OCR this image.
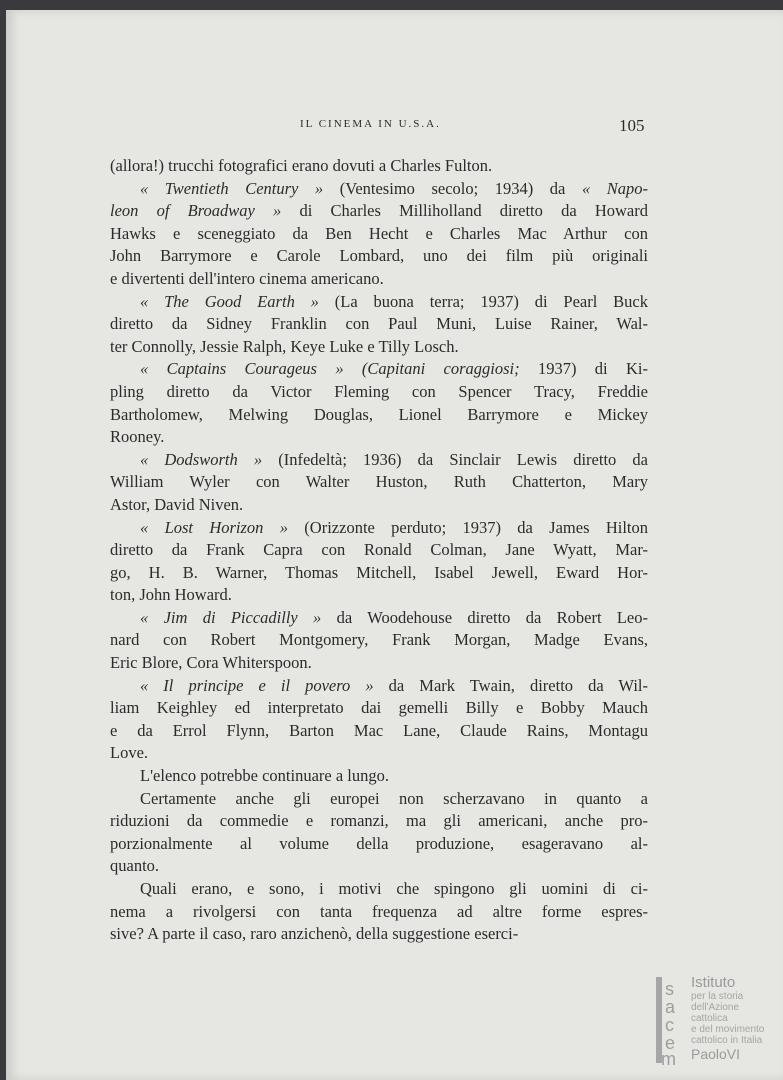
IL CINEMA IN U.S.A.	105
(allora!) trucchi fotografici erano dovuti a Charles Fulton.
« Twentieth Century » (Ventesimo secolo; 1934) da « Napo-
leon of Broadway » di Charles Milliholland diretto da Howard
Hawks e sceneggiato da Ben Hecht e Charles Mac Arthur con
John Barrymore e Carole Lombard, uno dei film più originali
e divertenti dell'intero cinema americano.
« The Good Earth » (La buona terra; 1937) di Pearl Buck
diretto da Sidney Franklin con Paul Muni, Luise Rainer, Wal-
ter Connolly, Jessie Ralph, Keye Luke e Tilly Losch.
« Captains Courageus » (Capitani coraggiosi; 1937) di Ki-
pling diretto da Victor Fleming con Spencer Tracy, Freddie
Bartholomew, Melwing Douglas, Lionel Barrymore e Mickey
Rooney.
« Dodsworth » (Infedeltà; 1936) da Sinclair Lewis diretto da
William Wyler con Walter Huston, Ruth Chatterton, Mary
Astor, David Niven.
« Lost Horizon » (Orizzonte perduto; 1937) da James Hilton
diretto da Frank Capra con Ronald Colman, Jane Wyatt, Mar-
go, H. B. Warner, Thomas Mitchell, Isabel Jewell, Eward Hor-
ton, John Howard.
« Jim di Piccadilly » da Woodehouse diretto da Robert Leo-
nard con Robert Montgomery, Frank Morgan, Madge Evans,
Eric Blore, Cora Whiterspoon.
« Il principe e il povero » da Mark Twain, diretto da Wil-
liam Keighley ed interpretato dai gemelli Billy e Bobby Mauch
e da Errol Flynn, Barton Mac Lane, Claude Rains, Montagu
Love.
L'elenco potrebbe continuare a lungo.
Certamente anche gli europei non scherzavano in quanto a
riduzioni da commedie e romanzi, ma gli americani, anche pro-
porzionalmente al volume della produzione, esageravano al-
quanto.
Quali erano, e sono, i motivi che spingono gli uomini di ci-
nema a rivolgersi con tanta frequenza ad altre forme espres-
sive? A parte il caso, raro anzichenò, della suggestione eserci-
s
a
c
e
m
Istituto
per la storia
dell'Azione cattolica
e del movimento
cattolico in Italia
PaoloVI
